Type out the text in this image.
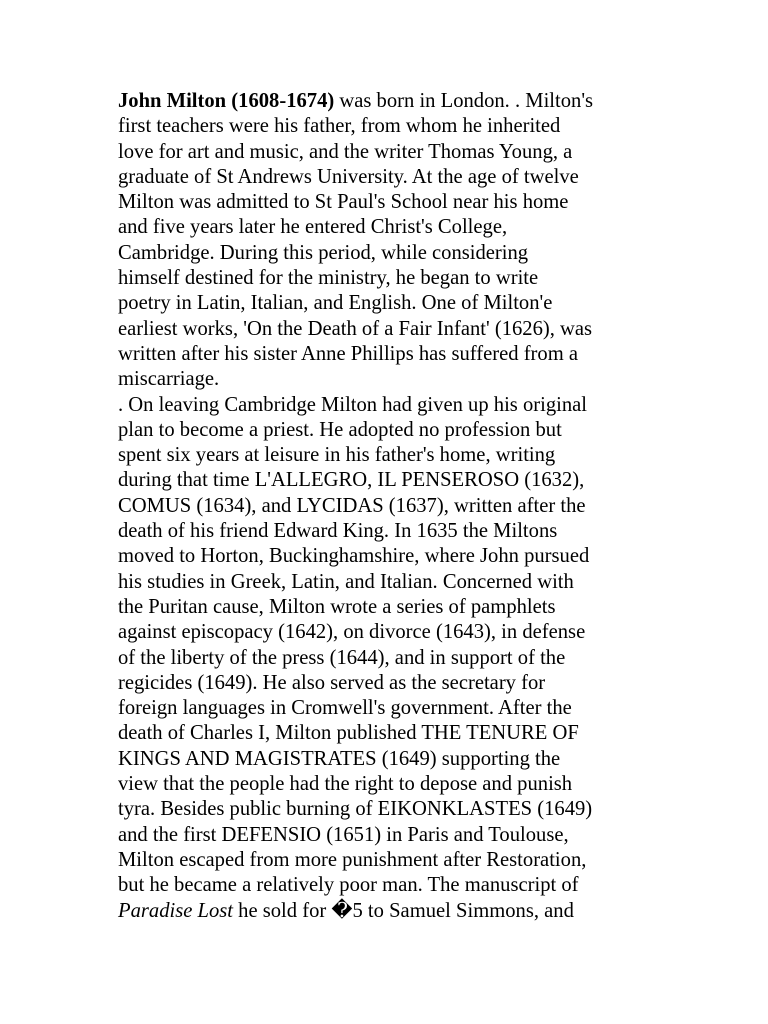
John Milton (1608-1674) was born in London. . Milton's
first teachers were his father, from whom he inherited
love for art and music, and the writer Thomas Young, a
graduate of St Andrews University. At the age of twelve
Milton was admitted to St Paul's School near his home
and five years later he entered Christ's College,
Cambridge. During this period, while considering
himself destined for the ministry, he began to write
poetry in Latin, Italian, and English. One of Milton'e
earliest works, 'On the Death of a Fair Infant' (1626), was
written after his sister Anne Phillips has suffered from a
miscarriage.
. On leaving Cambridge Milton had given up his original
plan to become a priest. He adopted no profession but
spent six years at leisure in his father's home, writing
during that time L'ALLEGRO, IL PENSEROSO (1632),
COMUS (1634), and LYCIDAS (1637), written after the
death of his friend Edward King. In 1635 the Miltons
moved to Horton, Buckinghamshire, where John pursued
his studies in Greek, Latin, and Italian. Concerned with
the Puritan cause, Milton wrote a series of pamphlets
against episcopacy (1642), on divorce (1643), in defense
of the liberty of the press (1644), and in support of the
regicides (1649). He also served as the secretary for
foreign languages in Cromwell's government. After the
death of Charles I, Milton published THE TENURE OF
KINGS AND MAGISTRATES (1649) supporting the
view that the people had the right to depose and punish
tyra. Besides public burning of EIKONKLASTES (1649)
and the first DEFENSIO (1651) in Paris and Toulouse,
Milton escaped from more punishment after Restoration,
but he became a relatively poor man. The manuscript of
Paradise Lost he sold for �5 to Samuel Simmons, and
